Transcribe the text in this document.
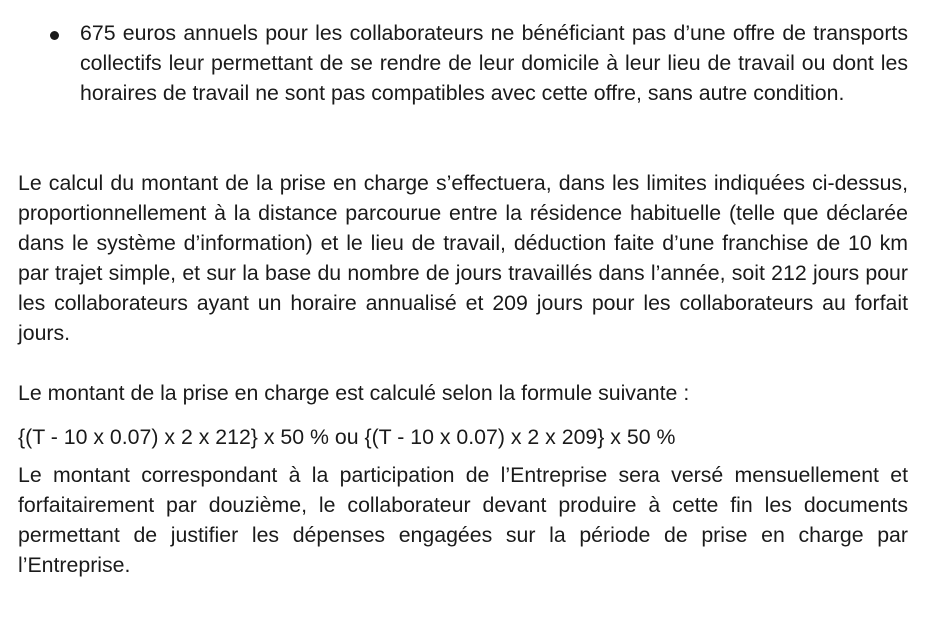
675 euros annuels pour les collaborateurs ne bénéficiant pas d’une offre de transports collectifs leur permettant de se rendre de leur domicile à leur lieu de travail ou dont les horaires de travail ne sont pas compatibles avec cette offre, sans autre condition.

Le calcul du montant de la prise en charge s’effectuera, dans les limites indiquées ci-dessus, proportionnellement à la distance parcourue entre la résidence habituelle (telle que déclarée dans le système d’information) et le lieu de travail, déduction faite d’une franchise de 10 km par trajet simple, et sur la base du nombre de jours travaillés dans l’année, soit 212 jours pour les collaborateurs ayant un horaire annualisé et 209 jours pour les collaborateurs au forfait jours.

Le montant de la prise en charge est calculé selon la formule suivante :

{(T - 10 x 0.07) x 2 x 212} x 50 % ou {(T - 10 x 0.07) x 2 x 209} x 50 %

Le montant correspondant à la participation de l’Entreprise sera versé mensuellement et forfaitairement par douzième, le collaborateur devant produire à cette fin les documents permettant de justifier les dépenses engagées sur la période de prise en charge par l’Entreprise.
